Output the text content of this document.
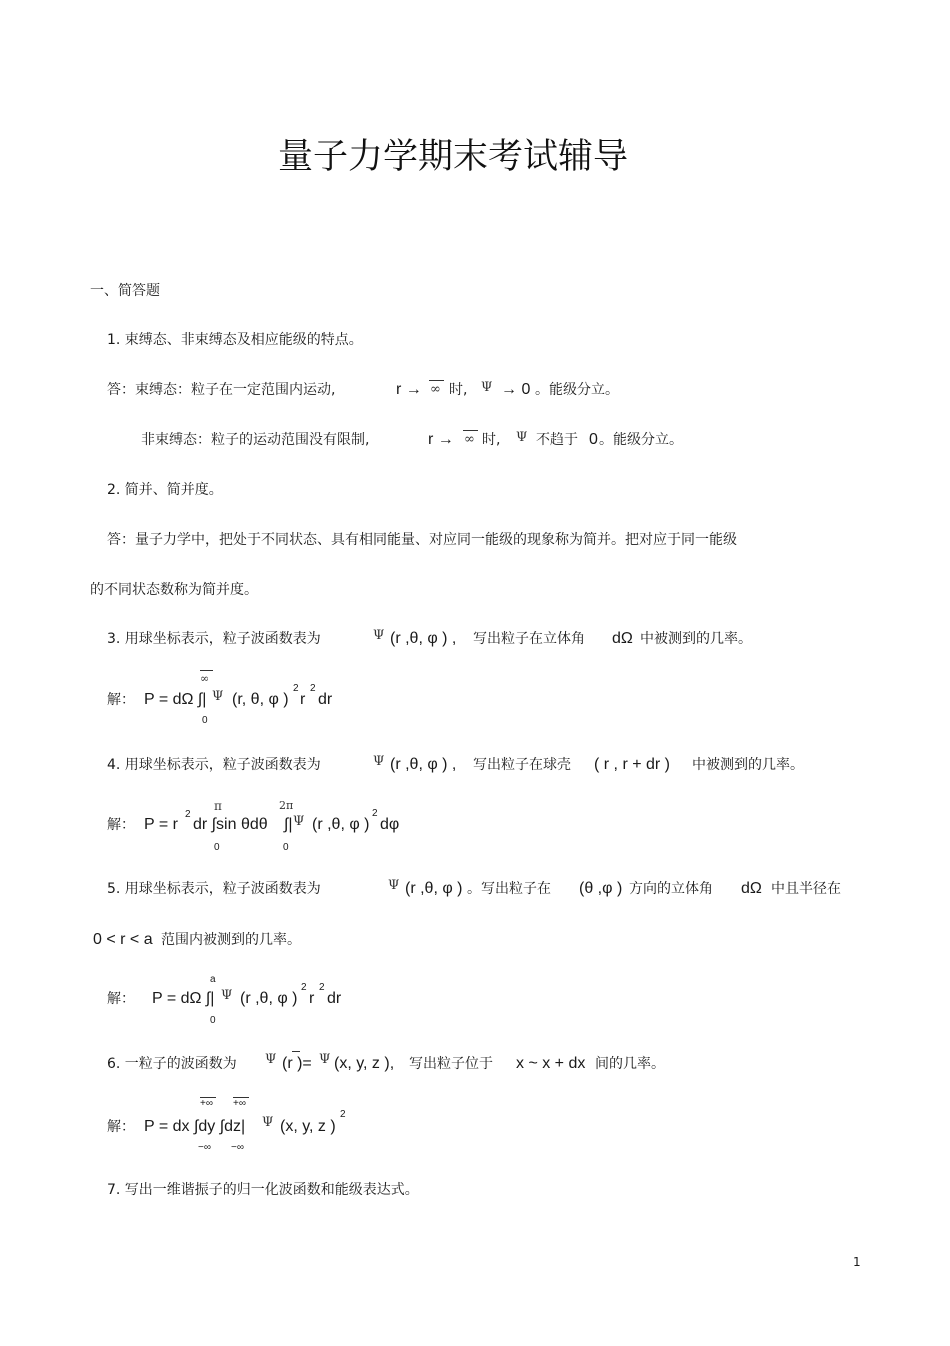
量子力学期末考试辅导
一、简答题
1. 束缚态、非束缚态及相应能级的特点。
答：束缚态：粒子在一定范围内运动,	r → ∞ 时, Ψ → 0 。能级分立。
非束缚态：粒子的运动范围没有限制,	r → ∞ 时, Ψ 不趋于 0 。能级分立。
2. 简并、简并度。
答：量子力学中，把处于不同状态、具有相同能量、对应同一能级的现象称为简并。把对应于同一能级
的不同状态数称为简并度。
3. 用球坐标表示，粒子波函数表为	Ψ (r ,θ, φ ) , 写出粒子在立体角 dΩ 中被测到的几率。
解：
∞
P = dΩ ∫| Ψ (r, θ, φ )
2
r
2
dr
0
4. 用球坐标表示，粒子波函数表为	Ψ (r ,θ, φ ) , 写出粒子在球壳 ( r , r + dr ) 中被测到的几率。
解：
π	2π
P = r
2
dr ∫sin θdθ ∫| Ψ (r ,θ, φ )
2
dφ
0	0
5. 用球坐标表示，粒子波函数表为	Ψ (r ,θ, φ ) 。写出粒子在 (θ ,φ ) 方向的立体角 dΩ 中且半径在
0 < r < a 范围内被测到的几率。
解：
a
P = dΩ ∫| Ψ (r ,θ, φ )
2
r
2
dr
0
6. 一粒子的波函数为 Ψ (r )= Ψ (x, y, z ), 写出粒子位于 x ~ x + dx 间的几率。
解：
+∞ +∞
P = dx ∫dy ∫dz| Ψ (x, y, z )
2
−∞ −∞
7. 写出一维谐振子的归一化波函数和能级表达式。
1
